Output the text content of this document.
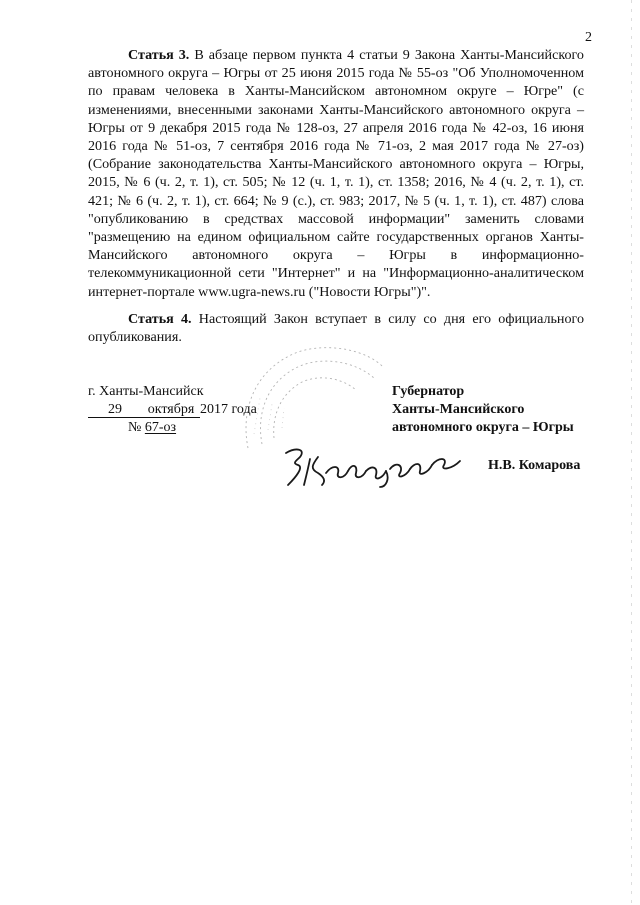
2

Статья 3. В абзаце первом пункта 4 статьи 9 Закона Ханты-Мансийского автономного округа – Югры от 25 июня 2015 года № 55-оз "Об Уполномоченном по правам человека в Ханты-Мансийском автономном округе – Югре" (с изменениями, внесенными законами Ханты-Мансийского автономного округа – Югры от 9 декабря 2015 года № 128-оз, 27 апреля 2016 года № 42-оз, 16 июня 2016 года № 51-оз, 7 сентября 2016 года № 71-оз, 2 мая 2017 года № 27-оз) (Собрание законодательства Ханты-Мансийского автономного округа – Югры, 2015, № 6 (ч. 2, т. 1), ст. 505; № 12 (ч. 1, т. 1), ст. 1358; 2016, № 4 (ч. 2, т. 1), ст. 421; № 6 (ч. 2, т. 1), ст. 664; № 9 (с.), ст. 983; 2017, № 5 (ч. 1, т. 1), ст. 487) слова "опубликованию в средствах массовой информации" заменить словами "размещению на едином официальном сайте государственных органов Ханты-Мансийского автономного округа – Югры в информационно-телекоммуникационной сети "Интернет" и на "Информационно-аналитическом интернет-портале www.ugra-news.ru ("Новости Югры")".

Статья 4. Настоящий Закон вступает в силу со дня его официального опубликования.

г. Ханты-Мансийск
29 октября 2017 года
№ 67-оз
Губернатор
Ханты-Мансийского
автономного округа – Югры
Н.В. Комарова
